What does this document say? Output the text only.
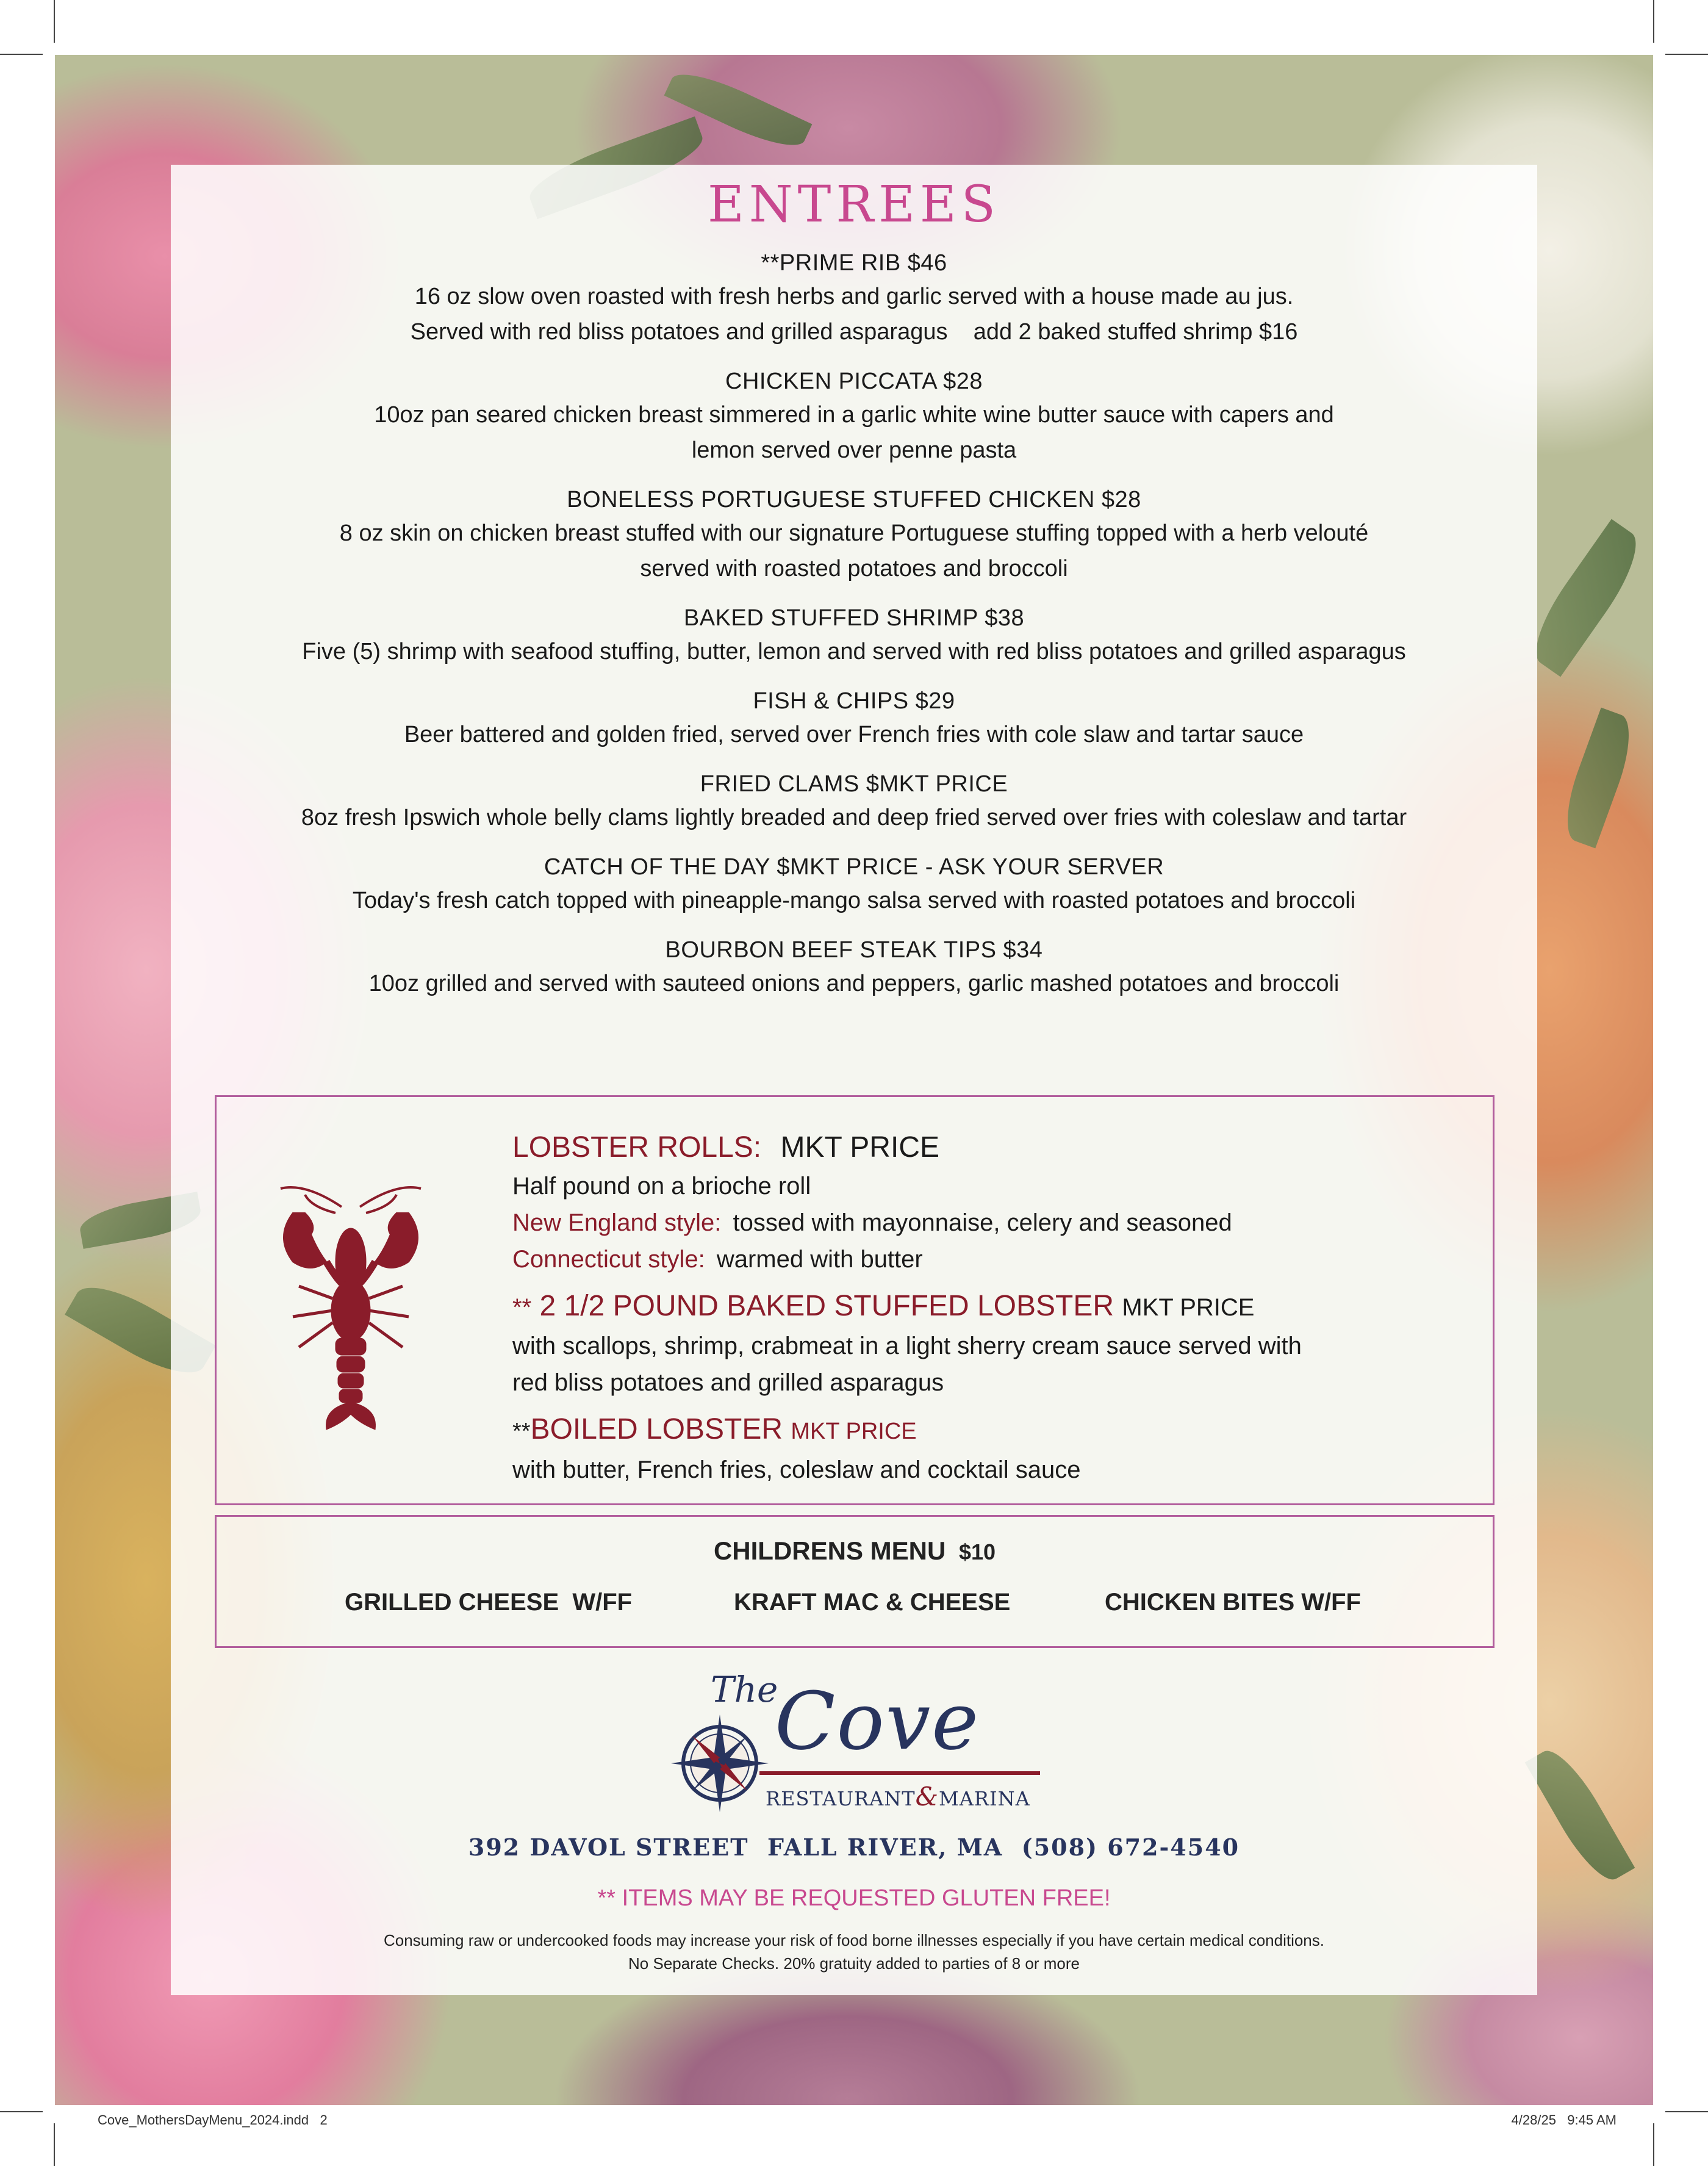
ENTREES
**PRIME RIB $46
16 oz slow oven roasted with fresh herbs and garlic served with a house made au jus.
Served with red bliss potatoes and grilled asparagus    add 2 baked stuffed shrimp $16
CHICKEN PICCATA $28
10oz pan seared chicken breast simmered in a garlic white wine butter sauce with capers and
lemon served over penne pasta
BONELESS PORTUGUESE STUFFED CHICKEN $28
8 oz skin on chicken breast stuffed with our signature Portuguese stuffing topped with a herb velouté
served with roasted potatoes and broccoli
BAKED STUFFED SHRIMP $38
Five (5) shrimp with seafood stuffing, butter, lemon and served with red bliss potatoes and grilled asparagus
FISH & CHIPS $29
Beer battered and golden fried, served over French fries with cole slaw and tartar sauce
FRIED CLAMS $MKT PRICE
8oz fresh Ipswich whole belly clams lightly breaded and deep fried served over fries with coleslaw and tartar
CATCH OF THE DAY $MKT PRICE - ASK YOUR SERVER
Today's fresh catch topped with pineapple-mango salsa served with roasted potatoes and broccoli
BOURBON BEEF STEAK TIPS $34
10oz grilled and served with sauteed onions and peppers, garlic mashed potatoes and broccoli
LOBSTER ROLLS: MKT PRICE
Half pound on a brioche roll
New England style: tossed with mayonnaise, celery and seasoned
Connecticut style: warmed with butter
** 2 1/2 POUND BAKED STUFFED LOBSTER MKT PRICE
with scallops, shrimp, crabmeat in a light sherry cream sauce served with
red bliss potatoes and grilled asparagus
**BOILED LOBSTER MKT PRICE
with butter, French fries, coleslaw and cocktail sauce
CHILDRENS MENU $10
GRILLED CHEESE  W/FF	KRAFT MAC & CHEESE	CHICKEN BITES W/FF
The
Cove
RESTAURANT&MARINA
392 DAVOL STREET  FALL RIVER, MA  (508) 672-4540
** ITEMS MAY BE REQUESTED GLUTEN FREE!
Consuming raw or undercooked foods may increase your risk of food borne illnesses especially if you have certain medical conditions.
No Separate Checks. 20% gratuity added to parties of 8 or more
Cove_MothersDayMenu_2024.indd   2	4/28/25   9:45 AM
